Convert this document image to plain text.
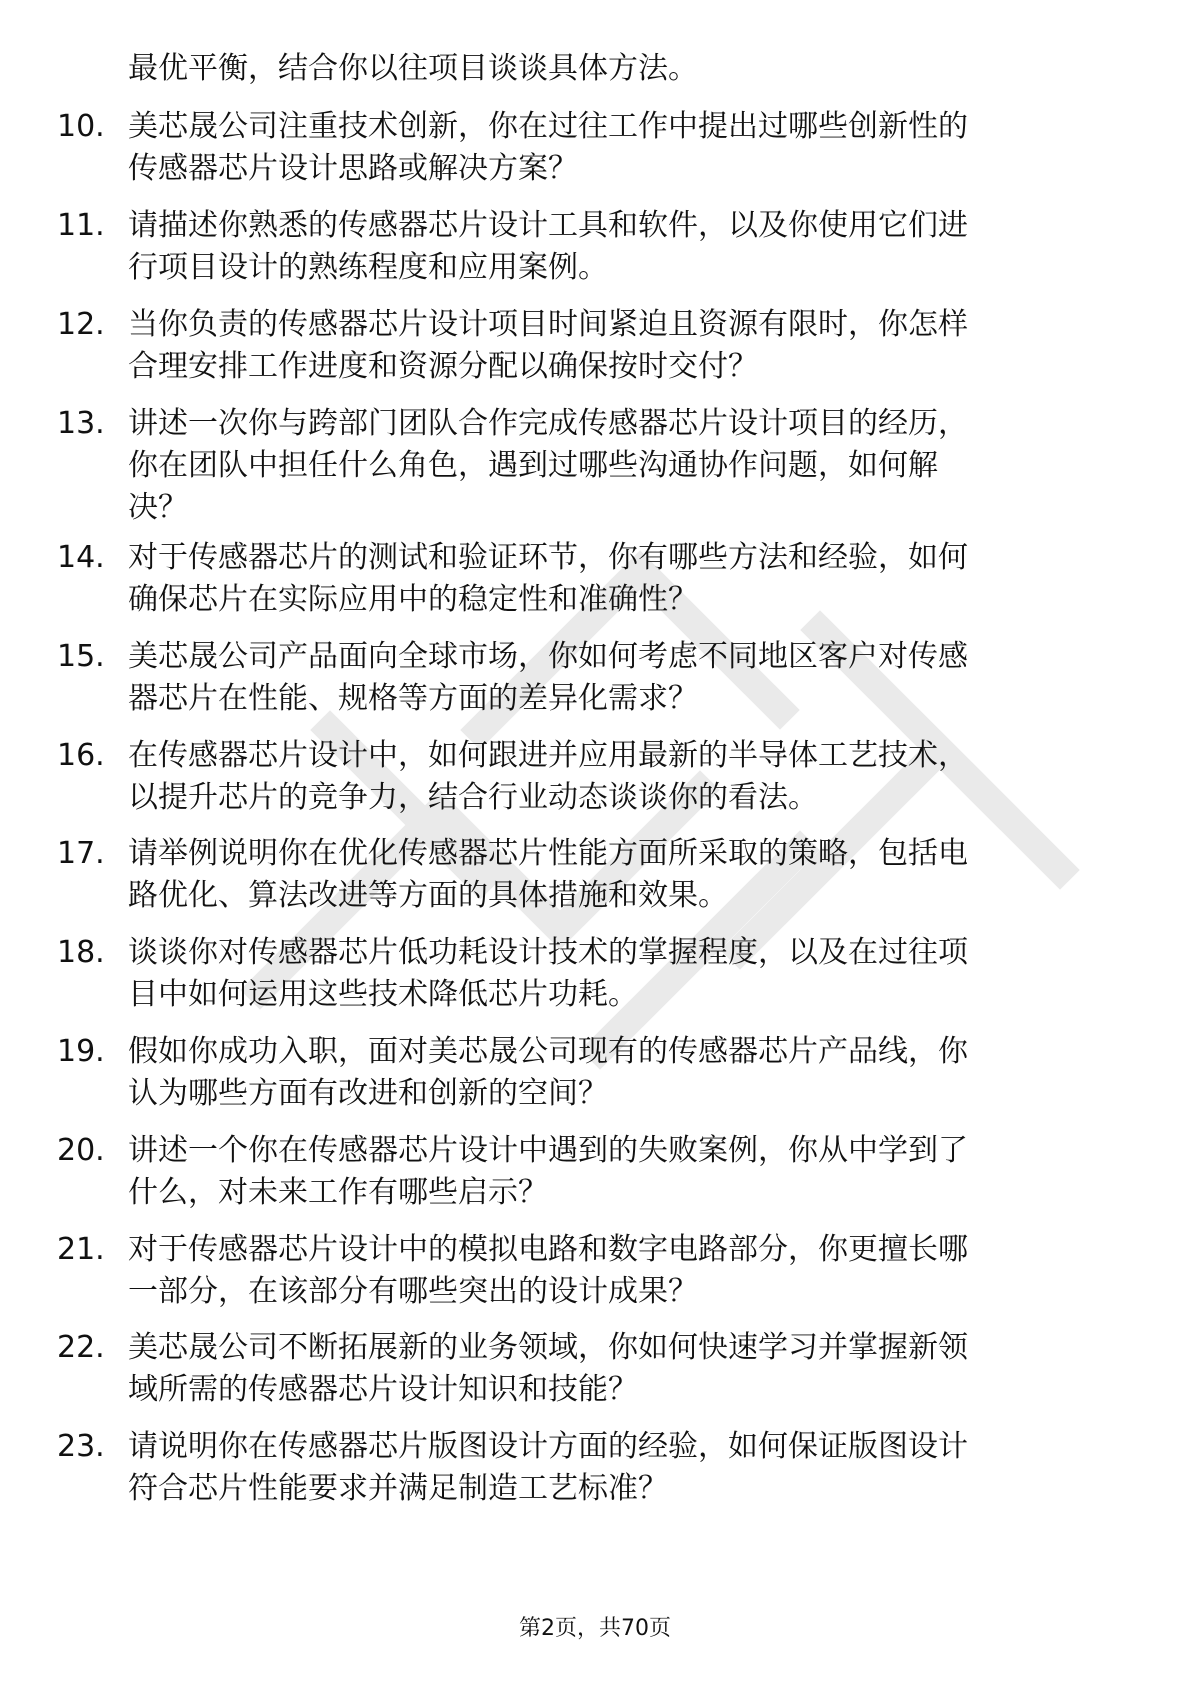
最优平衡，结合你以往项目谈谈具体方法。
10. 美芯晟公司注重技术创新，你在过往工作中提出过哪些创新性的
传感器芯片设计思路或解决方案？
11. 请描述你熟悉的传感器芯片设计工具和软件，以及你使用它们进
行项目设计的熟练程度和应用案例。
12. 当你负责的传感器芯片设计项目时间紧迫且资源有限时，你怎样
合理安排工作进度和资源分配以确保按时交付？
13. 讲述一次你与跨部门团队合作完成传感器芯片设计项目的经历，
你在团队中担任什么角色，遇到过哪些沟通协作问题，如何解
决？
14. 对于传感器芯片的测试和验证环节，你有哪些方法和经验，如何
确保芯片在实际应用中的稳定性和准确性？
15. 美芯晟公司产品面向全球市场，你如何考虑不同地区客户对传感
器芯片在性能、规格等方面的差异化需求？
16. 在传感器芯片设计中，如何跟进并应用最新的半导体工艺技术，
以提升芯片的竞争力，结合行业动态谈谈你的看法。
17. 请举例说明你在优化传感器芯片性能方面所采取的策略，包括电
路优化、算法改进等方面的具体措施和效果。
18. 谈谈你对传感器芯片低功耗设计技术的掌握程度，以及在过往项
目中如何运用这些技术降低芯片功耗。
19. 假如你成功入职，面对美芯晟公司现有的传感器芯片产品线，你
认为哪些方面有改进和创新的空间？
20. 讲述一个你在传感器芯片设计中遇到的失败案例，你从中学到了
什么，对未来工作有哪些启示？
21. 对于传感器芯片设计中的模拟电路和数字电路部分，你更擅长哪
一部分，在该部分有哪些突出的设计成果？
22. 美芯晟公司不断拓展新的业务领域，你如何快速学习并掌握新领
域所需的传感器芯片设计知识和技能？
23. 请说明你在传感器芯片版图设计方面的经验，如何保证版图设计
符合芯片性能要求并满足制造工艺标准？
第2页，共70页
